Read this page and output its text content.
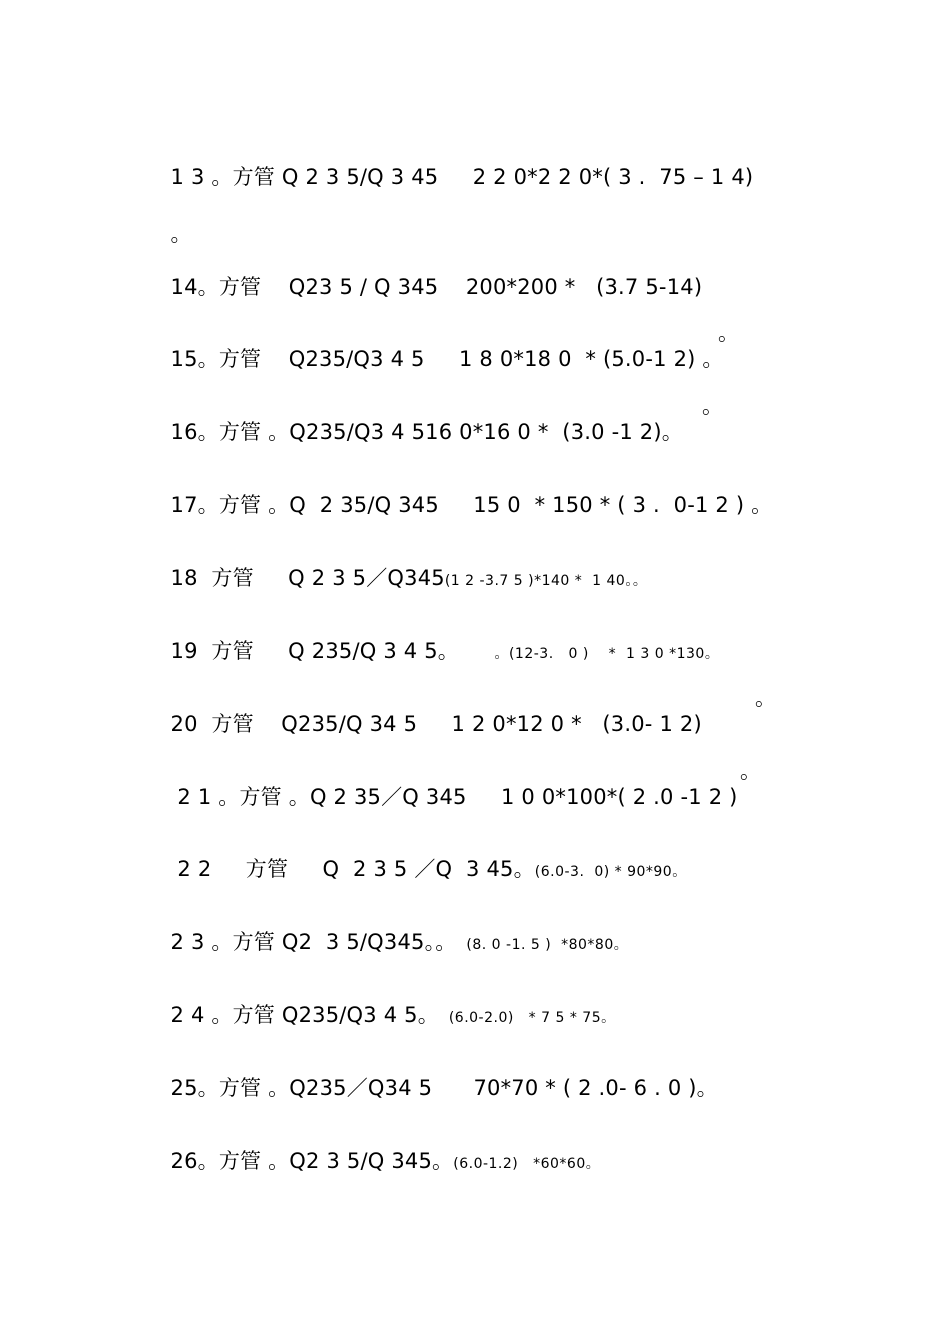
1 3 。方管 Q 2 3 5/Q 3 45     2 2 0*2 2 0*( 3 .  75 – 1 4)

。

14。方管    Q23 5 / Q 345    200*200 *   (3.7 5-14)

15。方管    Q235/Q3 4 5     1 8 0*18 0  * (5.0-1 2) 。

。

16。方管 。Q235/Q3 4 516 0*16 0 *  (3.0 -1 2)。

。

17。方管 。Q  2 35/Q 345     15 0  * 150 * ( 3 .  0-1 2 ) 。

18  方管     Q 2 3 5／Q345(1 2 -3.7 5 )*140 *  1 40。。

19  方管     Q 235/Q 3 4 5。	。(12-3.   0 )    *  1 3 0 *130。

20  方管    Q235/Q 34 5     1 2 0*12 0 *   (3.0- 1 2)

。

2 1 。方管 。Q 2 35／Q 345     1 0 0*100*( 2 .0 -1 2 )

。

2 2     方管     Q  2 3 5 ／Q  3 45。(6.0-3.  0) * 90*90。

2 3 。方管 Q2  3 5/Q345。。  (8. 0 -1. 5 )  *80*80。

2 4 。方管 Q235/Q3 4 5。  (6.0-2.0)   * 7 5 * 75。

25。方管 。Q235／Q34 5      70*70 * ( 2 .0- 6 . 0 )。

26。方管 。Q2 3 5/Q 345。(6.0-1.2)   *60*60。
